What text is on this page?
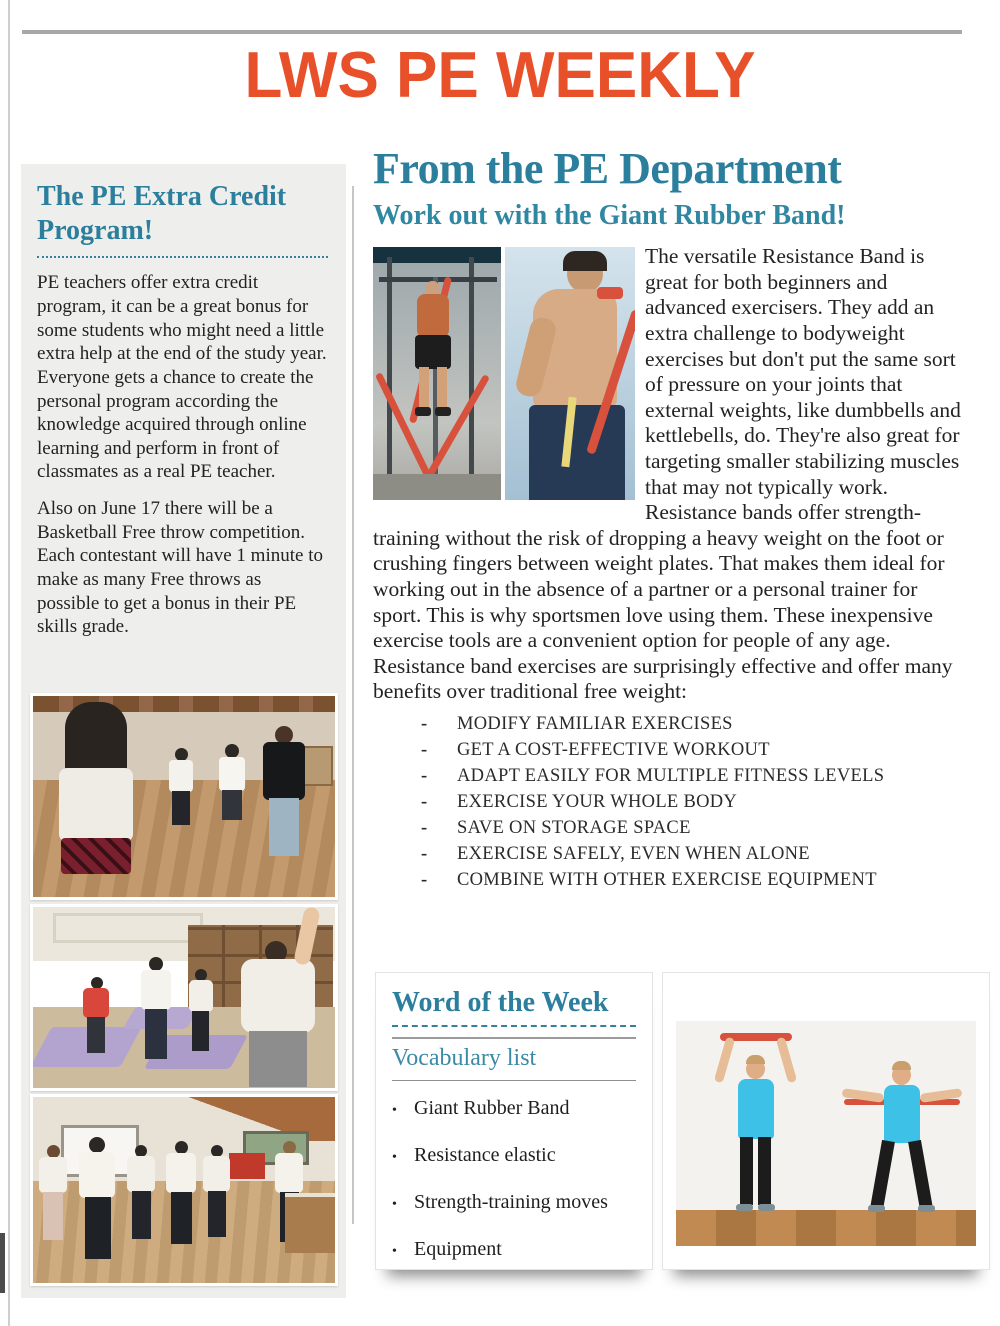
LWS PE WEEKLY
The PE Extra Credit Program!

PE teachers offer extra credit program, it can be a great bonus for some students who might need a little extra help at the end of the study year. Everyone gets a chance to create the personal program according the knowledge acquired through online learning and perform in front of classmates as a real PE teacher.

Also on June 17 there will be a Basketball Free throw competition. Each contestant will have 1 minute to make as many Free throws as possible to get a bonus in their PE skills grade.

From the PE Department
Work out with the Giant Rubber Band!
The versatile Resistance Band is great for both beginners and advanced exercisers. They add an extra challenge to bodyweight exercises but don't put the same sort of pressure on your joints that external weights, like dumbbells and kettlebells, do. They're also great for targeting smaller stabilizing muscles that may not typically work. Resistance bands offer strength-training without the risk of dropping a heavy weight on the foot or crushing fingers between weight plates. That makes them ideal for working out in the absence of a partner or a personal trainer for sport. This is why sportsmen love using them. These inexpensive exercise tools are a convenient option for people of any age. Resistance band exercises are surprisingly effective and offer many benefits over traditional free weight:
-	MODIFY FAMILIAR EXERCISES
-	GET A COST-EFFECTIVE WORKOUT
-	ADAPT EASILY FOR MULTIPLE FITNESS LEVELS
-	EXERCISE YOUR WHOLE BODY
-	SAVE ON STORAGE SPACE
-	EXERCISE SAFELY, EVEN WHEN ALONE
-	COMBINE WITH OTHER EXERCISE EQUIPMENT
Word of the Week
Vocabulary list
• Giant Rubber Band
• Resistance elastic
• Strength-training moves
• Equipment
